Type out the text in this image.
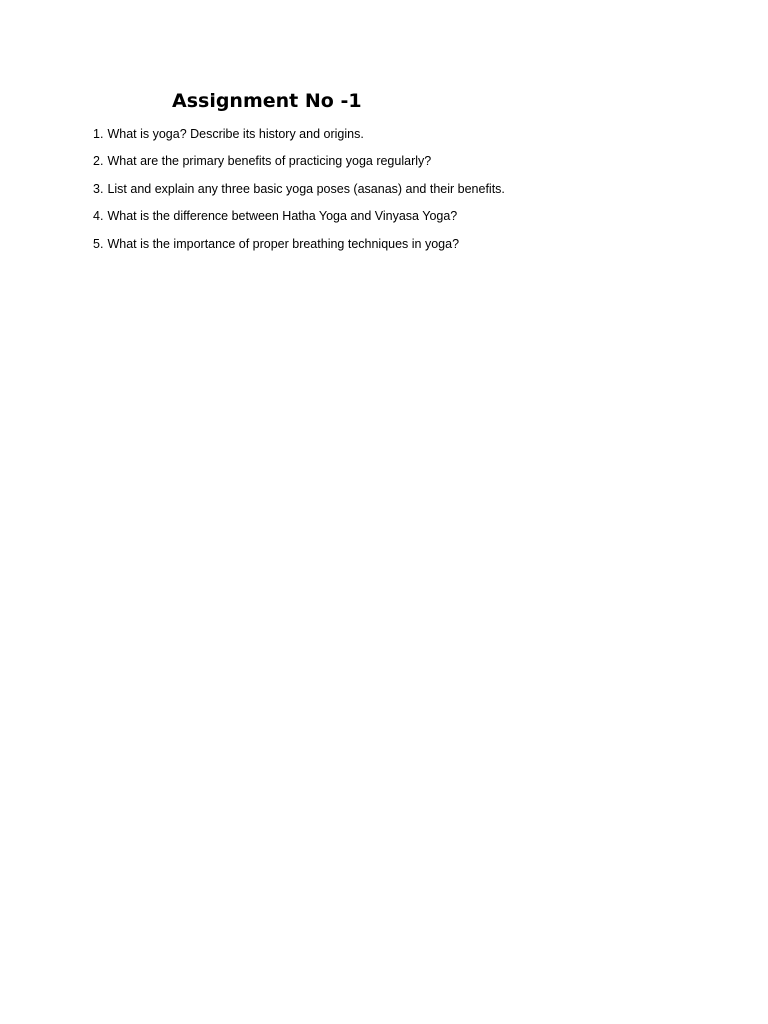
Assignment No -1
1. What is yoga? Describe its history and origins.
2. What are the primary benefits of practicing yoga regularly?
3. List and explain any three basic yoga poses (asanas) and their benefits.
4. What is the difference between Hatha Yoga and Vinyasa Yoga?
5. What is the importance of proper breathing techniques in yoga?
